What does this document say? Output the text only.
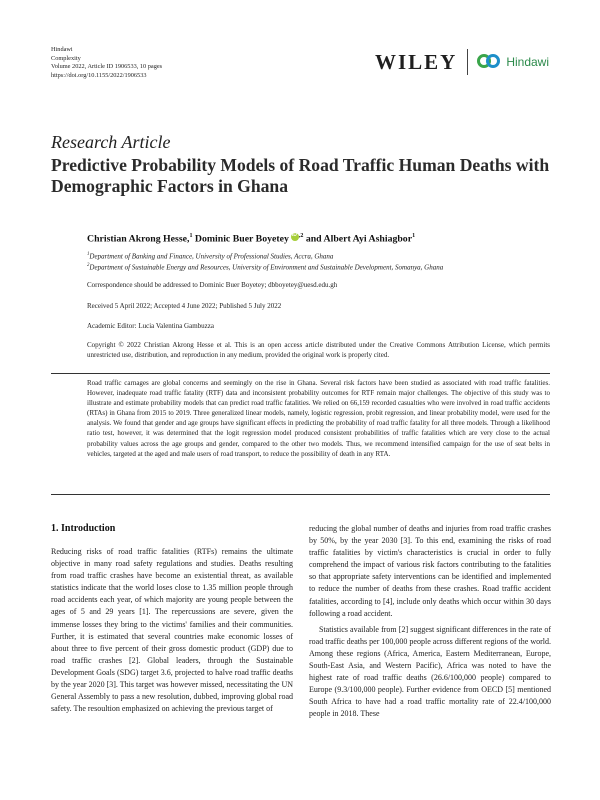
Hindawi
Complexity
Volume 2022, Article ID 1906533, 10 pages
https://doi.org/10.1155/2022/1906533
WILEY	Hindawi
Research Article
Predictive Probability Models of Road Traffic Human Deaths with Demographic Factors in Ghana
Christian Akrong Hesse,$^1$ Dominic Buer BoyeteyiD $^{,2}$ and Albert Ayi Ashiagbor$^1$
$^1$Department of Banking and Finance, University of Professional Studies, Accra, Ghana
$^2$Department of Sustainable Energy and Resources, University of Environment and Sustainable Development, Somanya, Ghana
Correspondence should be addressed to Dominic Buer Boyetey; dbboyetey@uesd.edu.gh
Received 5 April 2022; Accepted 4 June 2022; Published 5 July 2022
Academic Editor: Lucia Valentina Gambuzza
Copyright © 2022 Christian Akrong Hesse et al. This is an open access article distributed under the Creative Commons Attribution License, which permits unrestricted use, distribution, and reproduction in any medium, provided the original work is properly cited.
Road traffic carnages are global concerns and seemingly on the rise in Ghana. Several risk factors have been studied as associated with road traffic fatalities. However, inadequate road traffic fatality (RTF) data and inconsistent probability outcomes for RTF remain major challenges. The objective of this study was to illustrate and estimate probability models that can predict road traffic fatalities. We relied on 66,159 recorded casualties who were involved in road traffic accidents (RTAs) in Ghana from 2015 to 2019. Three generalized linear models, namely, logistic regression, probit regression, and linear probability model, were used for the analysis. We found that gender and age groups have significant effects in predicting the probability of road traffic fatality for all three models. Through a likelihood ratio test, however, it was determined that the logit regression model produced consistent probabilities of traffic fatalities which are very close to the actual probability values across the age groups and gender, compared to the other two models. Thus, we recommend intensified campaign for the use of seat belts in vehicles, targeted at the aged and male users of road transport, to reduce the possibility of death in any RTA.
1. Introduction

Reducing risks of road traffic fatalities (RTFs) remains the ultimate objective in many road safety regulations and studies. Deaths resulting from road traffic crashes have become an existential threat, as available statistics indicate that the world loses close to 1.35 million people through road accidents each year, of which majority are young people between the ages of 5 and 29 years [1]. The repercussions are severe, given the immense losses they bring to the victims' families and their communities. Further, it is estimated that several countries make economic losses of about three to five percent of their gross domestic product (GDP) due to road traffic crashes [2]. Global leaders, through the Sustainable Development Goals (SDG) target 3.6, projected to halve road traffic deaths by the year 2020 [3]. This target was however missed, necessitating the UN General Assembly to pass a new resolution, dubbed, improving global road safety. The resoultion emphasized on achieving the previous target of

reducing the global number of deaths and injuries from road traffic crashes by 50%, by the year 2030 [3]. To this end, examining the risks of road traffic fatalities by victim's characteristics is crucial in order to fully comprehend the impact of various risk factors contributing to the fatalities so that appropriate safety interventions can be identified and implemented to reduce the number of deaths from these crashes. Road traffic accident fatalities, according to [4], include only deaths which occur within 30 days following a road accident.

Statistics available from [2] suggest significant differences in the rate of road traffic deaths per 100,000 people across different regions of the world. Among these regions (Africa, America, Eastern Mediterranean, Europe, South-East Asia, and Western Pacific), Africa was noted to have the highest rate of road traffic deaths (26.6/100,000 people) compared to Europe (9.3/100,000 people). Further evidence from OECD [5] mentioned South Africa to have had a road traffic mortality rate of 22.4/100,000 people in 2018. These
